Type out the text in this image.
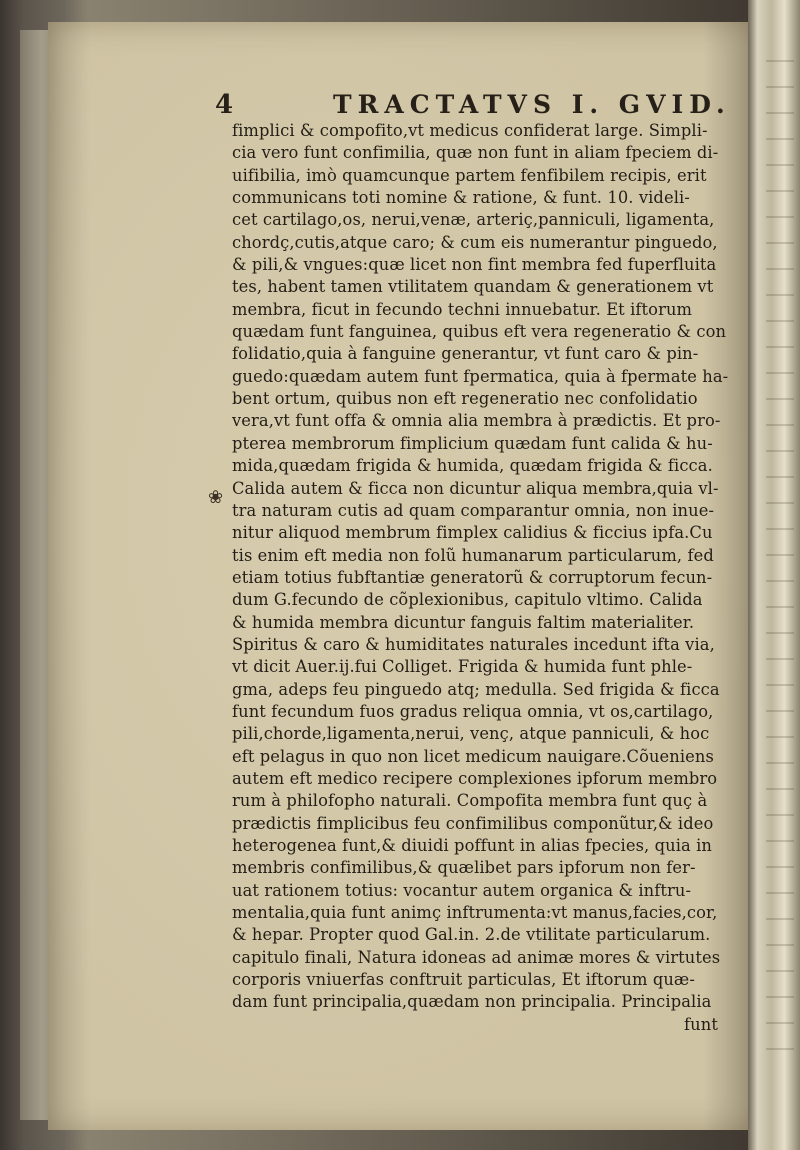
4	TRACTATVS I. GVID.
❀
fimplici & compofito,vt medicus confiderat large. Simpli-
cia vero funt confimilia, quæ non funt in aliam fpeciem di-
uifibilia, imò quamcunque partem fenfibilem recipis, erit
communicans toti nomine & ratione, & funt. 10. videli-
cet cartilago,os, nerui,venæ, arteriç,panniculi, ligamenta,
chordç,cutis,atque caro; & cum eis numerantur pinguedo,
& pili,& vngues:quæ licet non fint membra fed fuperfluita
tes, habent tamen vtilitatem quandam & generationem vt
membra, ficut in fecundo techni innuebatur. Et iftorum
quædam funt fanguinea, quibus eft vera regeneratio & con
folidatio,quia à fanguine generantur, vt funt caro & pin-
guedo:quædam autem funt fpermatica, quia à fpermate ha-
bent ortum, quibus non eft regeneratio nec confolidatio
vera,vt funt offa & omnia alia membra à prædictis. Et pro-
pterea membrorum fimplicium quædam funt calida & hu-
mida,quædam frigida & humida, quædam frigida & ficca.
Calida autem & ficca non dicuntur aliqua membra,quia vl-
tra naturam cutis ad quam comparantur omnia, non inue-
nitur aliquod membrum fimplex calidius & ficcius ipfa.Cu
tis enim eft media non folũ humanarum particularum, fed
etiam totius fubftantiæ generatorũ & corruptorum fecun-
dum G.fecundo de cõplexionibus, capitulo vltimo. Calida
& humida membra dicuntur fanguis faltim materialiter.
Spiritus & caro & humiditates naturales incedunt ifta via,
vt dicit Auer.ij.fui Colliget. Frigida & humida funt phle-
gma, adeps feu pinguedo atq; medulla. Sed frigida & ficca
funt fecundum fuos gradus reliqua omnia, vt os,cartilago,
pili,chorde,ligamenta,nerui, venç, atque panniculi, & hoc
eft pelagus in quo non licet medicum nauigare.Cõueniens
autem eft medico recipere complexiones ipforum membro
rum à philofopho naturali. Compofita membra funt quç à
prædictis fimplicibus feu confimilibus componũtur,& ideo
heterogenea funt,& diuidi poffunt in alias fpecies, quia in
membris confimilibus,& quælibet pars ipforum non fer-
uat rationem totius: vocantur autem organica & inftru-
mentalia,quia funt animç inftrumenta:vt manus,facies,cor,
& hepar. Propter quod Gal.in. 2.de vtilitate particularum.
capitulo finali, Natura idoneas ad animæ mores & virtutes
corporis vniuerfas conftruit particulas, Et iftorum quæ-
dam funt principalia,quædam non principalia. Principalia
funt
